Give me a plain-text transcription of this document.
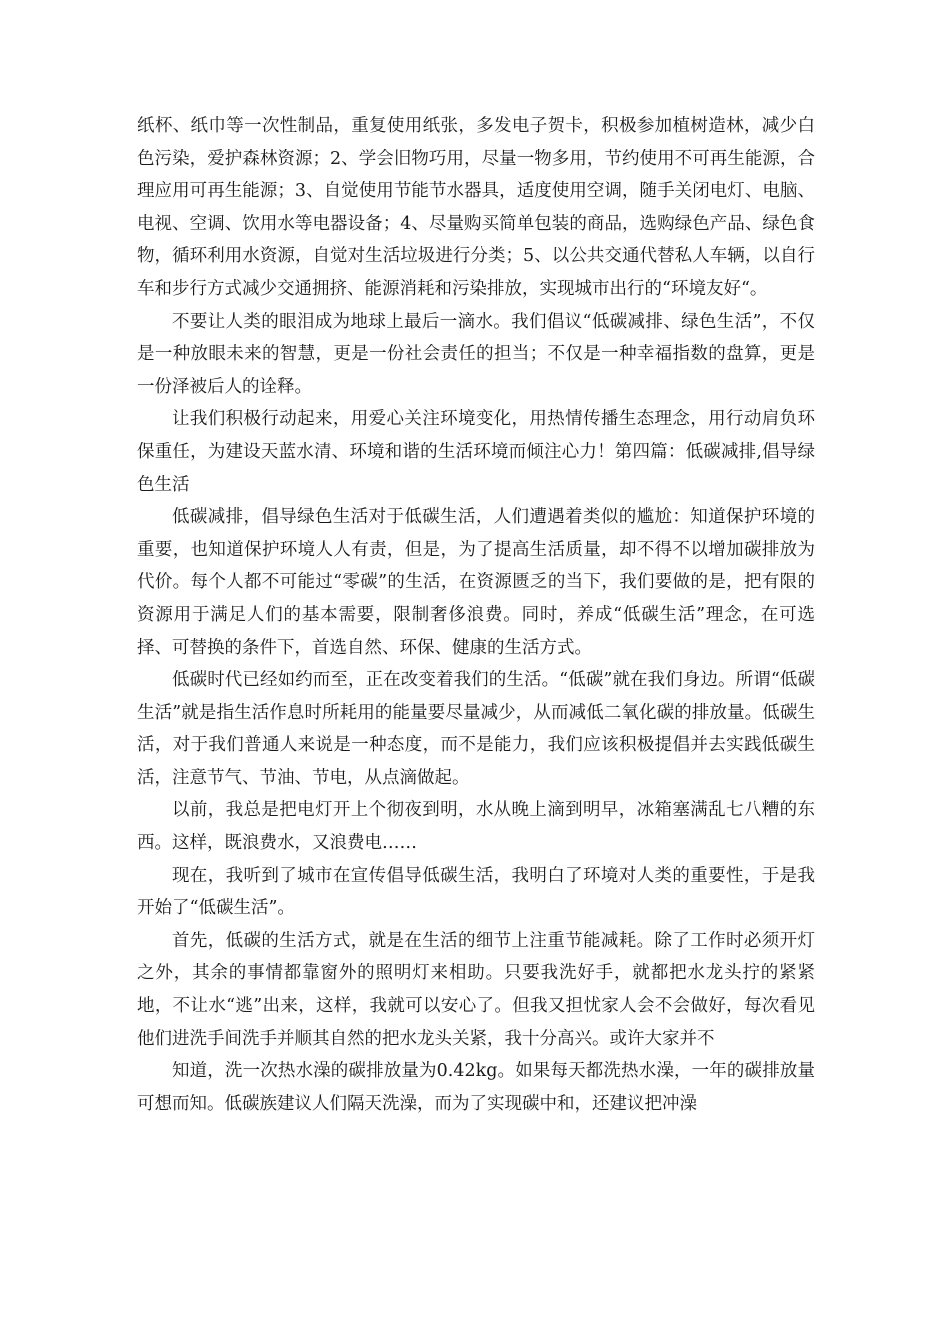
纸杯、纸巾等一次性制品，重复使用纸张，多发电子贺卡，积极参加植树造林，减少白色污染，爱护森林资源；2、学会旧物巧用，尽量一物多用，节约使用不可再生能源，合理应用可再生能源；3、自觉使用节能节水器具，适度使用空调，随手关闭电灯、电脑、电视、空调、饮用水等电器设备；4、尽量购买简单包装的商品，选购绿色产品、绿色食物，循环利用水资源，自觉对生活垃圾进行分类；5、以公共交通代替私人车辆，以自行车和步行方式减少交通拥挤、能源消耗和污染排放，实现城市出行的“环境友好“。

不要让人类的眼泪成为地球上最后一滴水。我们倡议“低碳减排、绿色生活”，不仅是一种放眼未来的智慧，更是一份社会责任的担当；不仅是一种幸福指数的盘算，更是一份泽被后人的诠释。

让我们积极行动起来，用爱心关注环境变化，用热情传播生态理念，用行动肩负环保重任，为建设天蓝水清、环境和谐的生活环境而倾注心力！第四篇：低碳减排,倡导绿色生活

低碳减排，倡导绿色生活对于低碳生活，人们遭遇着类似的尴尬：知道保护环境的重要，也知道保护环境人人有责，但是，为了提高生活质量，却不得不以增加碳排放为代价。每个人都不可能过“零碳”的生活，在资源匮乏的当下，我们要做的是，把有限的资源用于满足人们的基本需要，限制奢侈浪费。同时，养成“低碳生活”理念，在可选择、可替换的条件下，首选自然、环保、健康的生活方式。

低碳时代已经如约而至，正在改变着我们的生活。“低碳”就在我们身边。所谓“低碳生活”就是指生活作息时所耗用的能量要尽量减少，从而减低二氧化碳的排放量。低碳生活，对于我们普通人来说是一种态度，而不是能力，我们应该积极提倡并去实践低碳生活，注意节气、节油、节电，从点滴做起。

以前，我总是把电灯开上个彻夜到明，水从晚上滴到明早，冰箱塞满乱七八糟的东西。这样，既浪费水，又浪费电……

现在，我听到了城市在宣传倡导低碳生活，我明白了环境对人类的重要性，于是我开始了“低碳生活”。

首先，低碳的生活方式，就是在生活的细节上注重节能减耗。除了工作时必须开灯之外，其余的事情都靠窗外的照明灯来相助。只要我洗好手，就都把水龙头拧的紧紧地，不让水“逃”出来，这样，我就可以安心了。但我又担忧家人会不会做好，每次看见他们进洗手间洗手并顺其自然的把水龙头关紧，我十分高兴。或许大家并不

知道，洗一次热水澡的碳排放量为0.42kg。如果每天都洗热水澡，一年的碳排放量可想而知。低碳族建议人们隔天洗澡，而为了实现碳中和，还建议把冲澡
